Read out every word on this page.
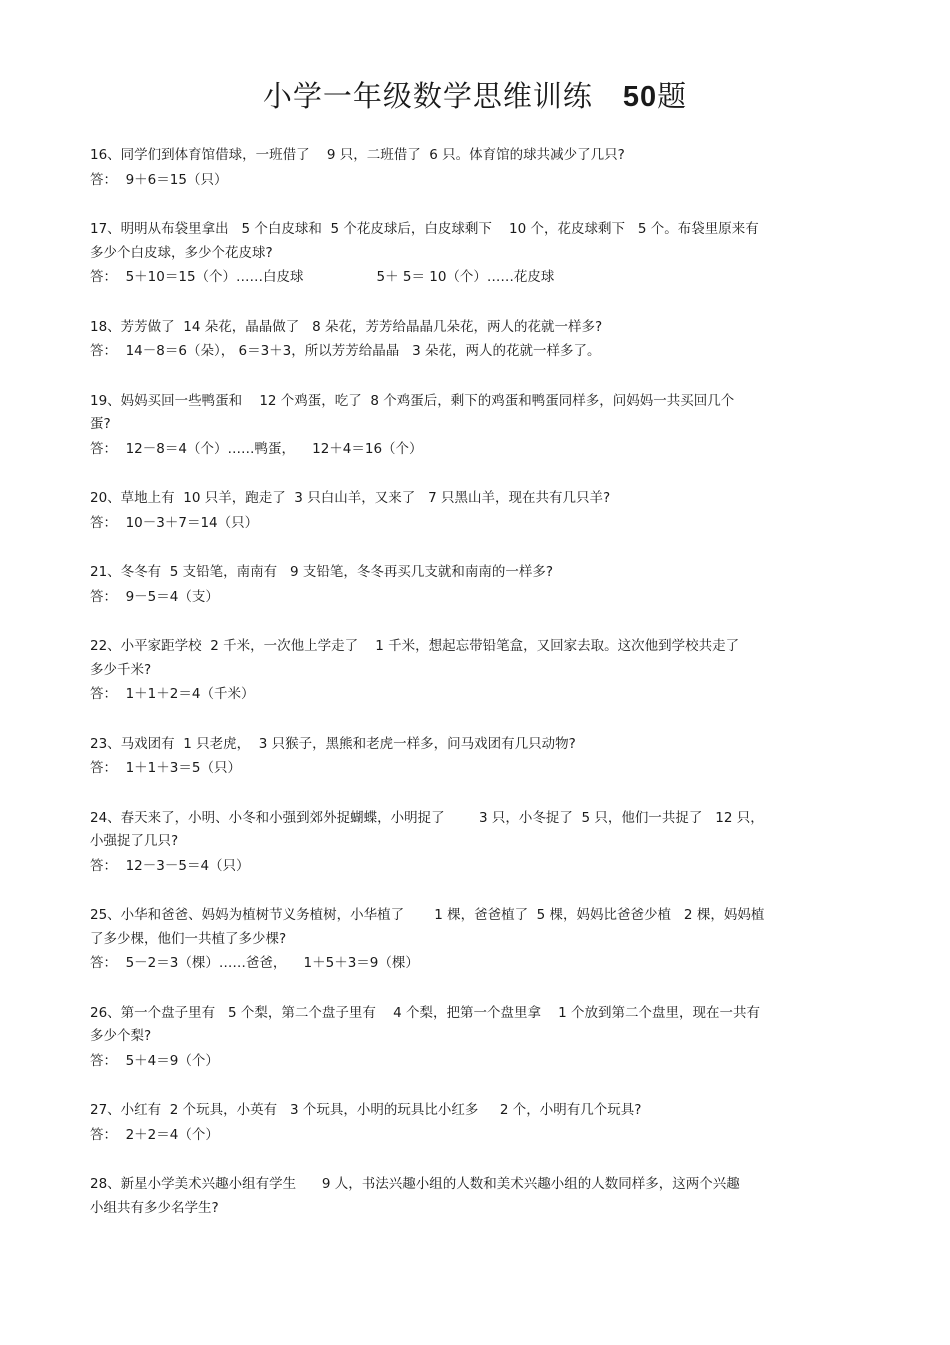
小学一年级数学思维训练 50题
16、同学们到体育馆借球，一班借了    9 只，二班借了  6 只。体育馆的球共减少了几只?
答：  9＋6＝15（只）
17、明明从布袋里拿出   5 个白皮球和  5 个花皮球后，白皮球剩下    10 个，花皮球剩下   5 个。布袋里原来有
多少个白皮球，多少个花皮球?
答：  5＋10＝15（个）……白皮球                 5＋ 5＝ 10（个）……花皮球
18、芳芳做了  14 朵花，晶晶做了   8 朵花，芳芳给晶晶几朵花，两人的花就一样多?
答：  14－8＝6（朵）， 6＝3＋3，所以芳芳给晶晶   3 朵花，两人的花就一样多了。
19、妈妈买回一些鸭蛋和    12 个鸡蛋，吃了  8 个鸡蛋后，剩下的鸡蛋和鸭蛋同样多，问妈妈一共买回几个
蛋?
答：  12－8＝4（个）……鸭蛋，    12＋4＝16（个）
20、草地上有  10 只羊，跑走了  3 只白山羊，又来了   7 只黑山羊，现在共有几只羊?
答：  10－3＋7＝14（只）
21、冬冬有  5 支铅笔，南南有   9 支铅笔，冬冬再买几支就和南南的一样多?
答：  9－5＝4（支）
22、小平家距学校  2 千米，一次他上学走了    1 千米，想起忘带铅笔盒，又回家去取。这次他到学校共走了
多少千米?
答：  1＋1＋2＝4（千米）
23、马戏团有  1 只老虎，  3 只猴子，黑熊和老虎一样多，问马戏团有几只动物?
答：  1＋1＋3＝5（只）
24、春天来了，小明、小冬和小强到郊外捉蝴蝶，小明捉了        3 只，小冬捉了  5 只，他们一共捉了   12 只，
小强捉了几只?
答：  12－3－5＝4（只）
25、小华和爸爸、妈妈为植树节义务植树，小华植了       1 棵，爸爸植了  5 棵，妈妈比爸爸少植   2 棵，妈妈植
了多少棵，他们一共植了多少棵?
答：  5－2＝3（棵）……爸爸，    1＋5＋3＝9（棵）
26、第一个盘子里有   5 个梨，第二个盘子里有    4 个梨，把第一个盘里拿    1 个放到第二个盘里，现在一共有
多少个梨?
答：  5＋4＝9（个）
27、小红有  2 个玩具，小英有   3 个玩具，小明的玩具比小红多     2 个，小明有几个玩具?
答：  2＋2＝4（个）
28、新星小学美术兴趣小组有学生      9 人，书法兴趣小组的人数和美术兴趣小组的人数同样多，这两个兴趣
小组共有多少名学生?
